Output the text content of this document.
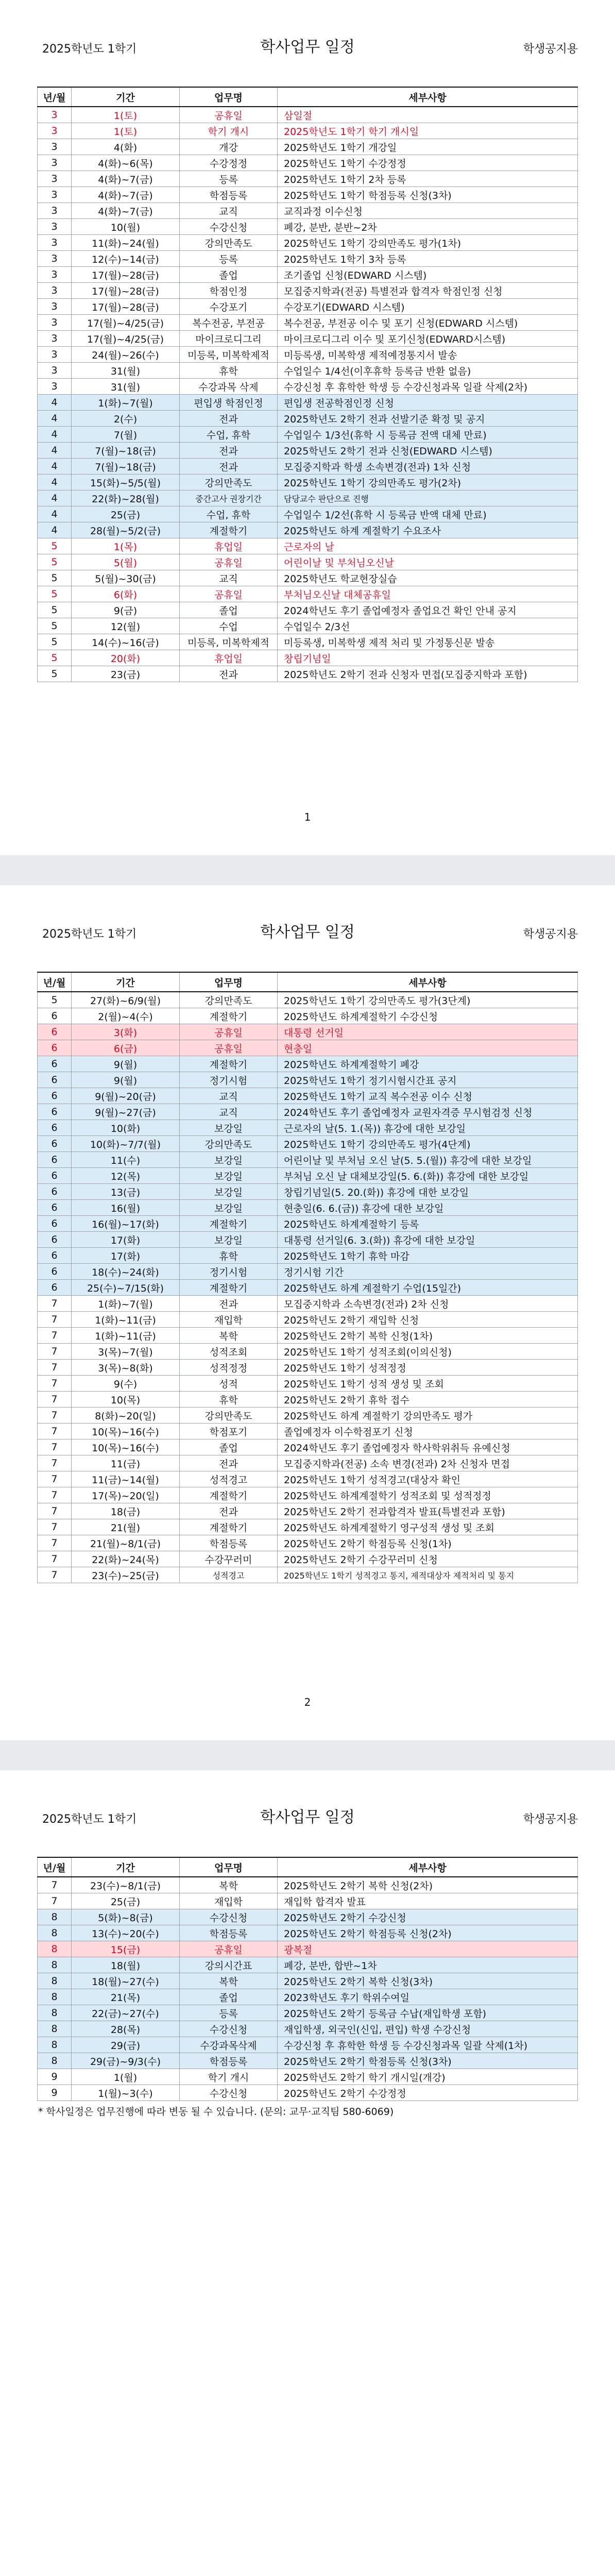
2025학년도 1학기	학사업무 일정	학생공지용
년/월	기간	업무명	세부사항
3	1(토)	공휴일	삼일절
3	1(토)	학기 개시	2025학년도 1학기 학기 개시일
3	4(화)	개강	2025학년도 1학기 개강일
3	4(화)~6(목)	수강정정	2025학년도 1학기 수강정정
3	4(화)~7(금)	등록	2025학년도 1학기 2차 등록
3	4(화)~7(금)	학점등록	2025학년도 1학기 학점등록 신청(3차)
3	4(화)~7(금)	교직	교직과정 이수신청
3	10(월)	수강신청	폐강, 분반, 분반~2차
3	11(화)~24(월)	강의만족도	2025학년도 1학기 강의만족도 평가(1차)
3	12(수)~14(금)	등록	2025학년도 1학기 3차 등록
3	17(월)~28(금)	졸업	조기졸업 신청(EDWARD 시스템)
3	17(월)~28(금)	학점인정	모집중지학과(전공) 특별전과 합격자 학점인정 신청
3	17(월)~28(금)	수강포기	수강포기(EDWARD 시스템)
3	17(월)~4/25(금)	복수전공, 부전공	복수전공, 부전공 이수 및 포기 신청(EDWARD 시스템)
3	17(월)~4/25(금)	마이크로디그리	마이크로디그리 이수 및 포기신청(EDWARD시스템)
3	24(월)~26(수)	미등록, 미복학제적	미등록생, 미복학생 제적예정통지서 발송
3	31(월)	휴학	수업일수 1/4선(이후휴학 등록금 반환 없음)
3	31(월)	수강과목 삭제	수강신청 후 휴학한 학생 등 수강신청과목 일괄 삭제(2차)
4	1(화)~7(월)	편입생 학점인정	편입생 전공학점인정 신청
4	2(수)	전과	2025학년도 2학기 전과 선발기준 확정 및 공지
4	7(월)	수업, 휴학	수업일수 1/3선(휴학 시 등록금 전액 대체 만료)
4	7(월)~18(금)	전과	2025학년도 2학기 전과 신청(EDWARD 시스템)
4	7(월)~18(금)	전과	모집중지학과 학생 소속변경(전과) 1차 신청
4	15(화)~5/5(월)	강의만족도	2025학년도 1학기 강의만족도 평가(2차)
4	22(화)~28(월)	중간고사 권장기간	담당교수 판단으로 진행
4	25(금)	수업, 휴학	수업일수 1/2선(휴학 시 등록금 반액 대체 만료)
4	28(월)~5/2(금)	계절학기	2025학년도 하계 계절학기 수요조사
5	1(목)	휴업일	근로자의 날
5	5(월)	공휴일	어린이날 및 부처님오신날
5	5(월)~30(금)	교직	2025학년도 학교현장실습
5	6(화)	공휴일	부처님오신날 대체공휴일
5	9(금)	졸업	2024학년도 후기 졸업예정자 졸업요건 확인 안내 공지
5	12(월)	수업	수업일수 2/3선
5	14(수)~16(금)	미등록, 미복학제적	미등록생, 미복학생 제적 처리 및 가정통신문 발송
5	20(화)	휴업일	창립기념일
5	23(금)	전과	2025학년도 2학기 전과 신청자 면접(모집중지학과 포함)
1
2025학년도 1학기	학사업무 일정	학생공지용
년/월	기간	업무명	세부사항
5	27(화)~6/9(월)	강의만족도	2025학년도 1학기 강의만족도 평가(3단계)
6	2(월)~4(수)	계절학기	2025학년도 하계계절학기 수강신청
6	3(화)	공휴일	대통령 선거일
6	6(금)	공휴일	현충일
6	9(월)	계절학기	2025학년도 하계계절학기 폐강
6	9(월)	정기시험	2025학년도 1학기 정기시험시간표 공지
6	9(월)~20(금)	교직	2025학년도 1학기 교직 복수전공 이수 신청
6	9(월)~27(금)	교직	2024학년도 후기 졸업예정자 교원자격증 무시험검정 신청
6	10(화)	보강일	근로자의 날(5. 1.(목)) 휴강에 대한 보강일
6	10(화)~7/7(월)	강의만족도	2025학년도 1학기 강의만족도 평가(4단계)
6	11(수)	보강일	어린이날 및 부처님 오신 날(5. 5.(월)) 휴강에 대한 보강일
6	12(목)	보강일	부처님 오신 날 대체보강일(5. 6.(화)) 휴강에 대한 보강일
6	13(금)	보강일	창립기념일(5. 20.(화)) 휴강에 대한 보강일
6	16(월)	보강일	현충일(6. 6.(금)) 휴강에 대한 보강일
6	16(월)~17(화)	계절학기	2025학년도 하계계절학기 등록
6	17(화)	보강일	대통령 선거일(6. 3.(화)) 휴강에 대한 보강일
6	17(화)	휴학	2025학년도 1학기 휴학 마감
6	18(수)~24(화)	정기시험	정기시험 기간
6	25(수)~7/15(화)	계절학기	2025학년도 하계 계절학기 수업(15일간)
7	1(화)~7(월)	전과	모집중지학과 소속변경(전과) 2차 신청
7	1(화)~11(금)	재입학	2025학년도 2학기 재입학 신청
7	1(화)~11(금)	복학	2025학년도 2학기 복학 신청(1차)
7	3(목)~7(월)	성적조회	2025학년도 1학기 성적조회(이의신청)
7	3(목)~8(화)	성적정정	2025학년도 1학기 성적정정
7	9(수)	성적	2025학년도 1학기 성적 생성 및 조회
7	10(목)	휴학	2025학년도 2학기 휴학 접수
7	8(화)~20(일)	강의만족도	2025학년도 하계 계절학기 강의만족도 평가
7	10(목)~16(수)	학점포기	졸업예정자 이수학점포기 신청
7	10(목)~16(수)	졸업	2024학년도 후기 졸업예정자 학사학위취득 유예신청
7	11(금)	전과	모집중지학과(전공) 소속 변경(전과) 2차 신청자 면접
7	11(금)~14(월)	성적경고	2025학년도 1학기 성적경고(대상자 확인
7	17(목)~20(일)	계절학기	2025학년도 하계계절학기 성적조회 및 성적정정
7	18(금)	전과	2025학년도 2학기 전과합격자 발표(특별전과 포함)
7	21(월)	계절학기	2025학년도 하계계절학기 영구성적 생성 및 조회
7	21(월)~8/1(금)	학점등록	2025학년도 2학기 학점등록 신청(1차)
7	22(화)~24(목)	수강꾸러미	2025학년도 2학기 수강꾸러미 신청
7	23(수)~25(금)	성적경고	2025학년도 1학기 성적경고 통지, 제적대상자 제적처리 및 통지
2
2025학년도 1학기	학사업무 일정	학생공지용
년/월	기간	업무명	세부사항
7	23(수)~8/1(금)	복학	2025학년도 2학기 복학 신청(2차)
7	25(금)	재입학	재입학 합격자 발표
8	5(화)~8(금)	수강신청	2025학년도 2학기 수강신청
8	13(수)~20(수)	학점등록	2025학년도 2학기 학점등록 신청(2차)
8	15(금)	공휴일	광복절
8	18(월)	강의시간표	폐강, 분반, 합반~1차
8	18(월)~27(수)	복학	2025학년도 2학기 복학 신청(3차)
8	21(목)	졸업	2023학년도 후기 학위수여일
8	22(금)~27(수)	등록	2025학년도 2학기 등록금 수납(재입학생 포함)
8	28(목)	수강신청	재입학생, 외국인(신입, 편입) 학생 수강신청
8	29(금)	수강과목삭제	수강신청 후 휴학한 학생 등 수강신청과목 일괄 삭제(1차)
8	29(금)~9/3(수)	학점등록	2025학년도 2학기 학점등록 신청(3차)
9	1(월)	학기 개시	2025학년도 2학기 학기 개시일(개강)
9	1(월)~3(수)	수강신청	2025학년도 2학기 수강정정
* 학사일정은 업무진행에 따라 변동 될 수 있습니다. (문의: 교무·교직팀 580-6069)
